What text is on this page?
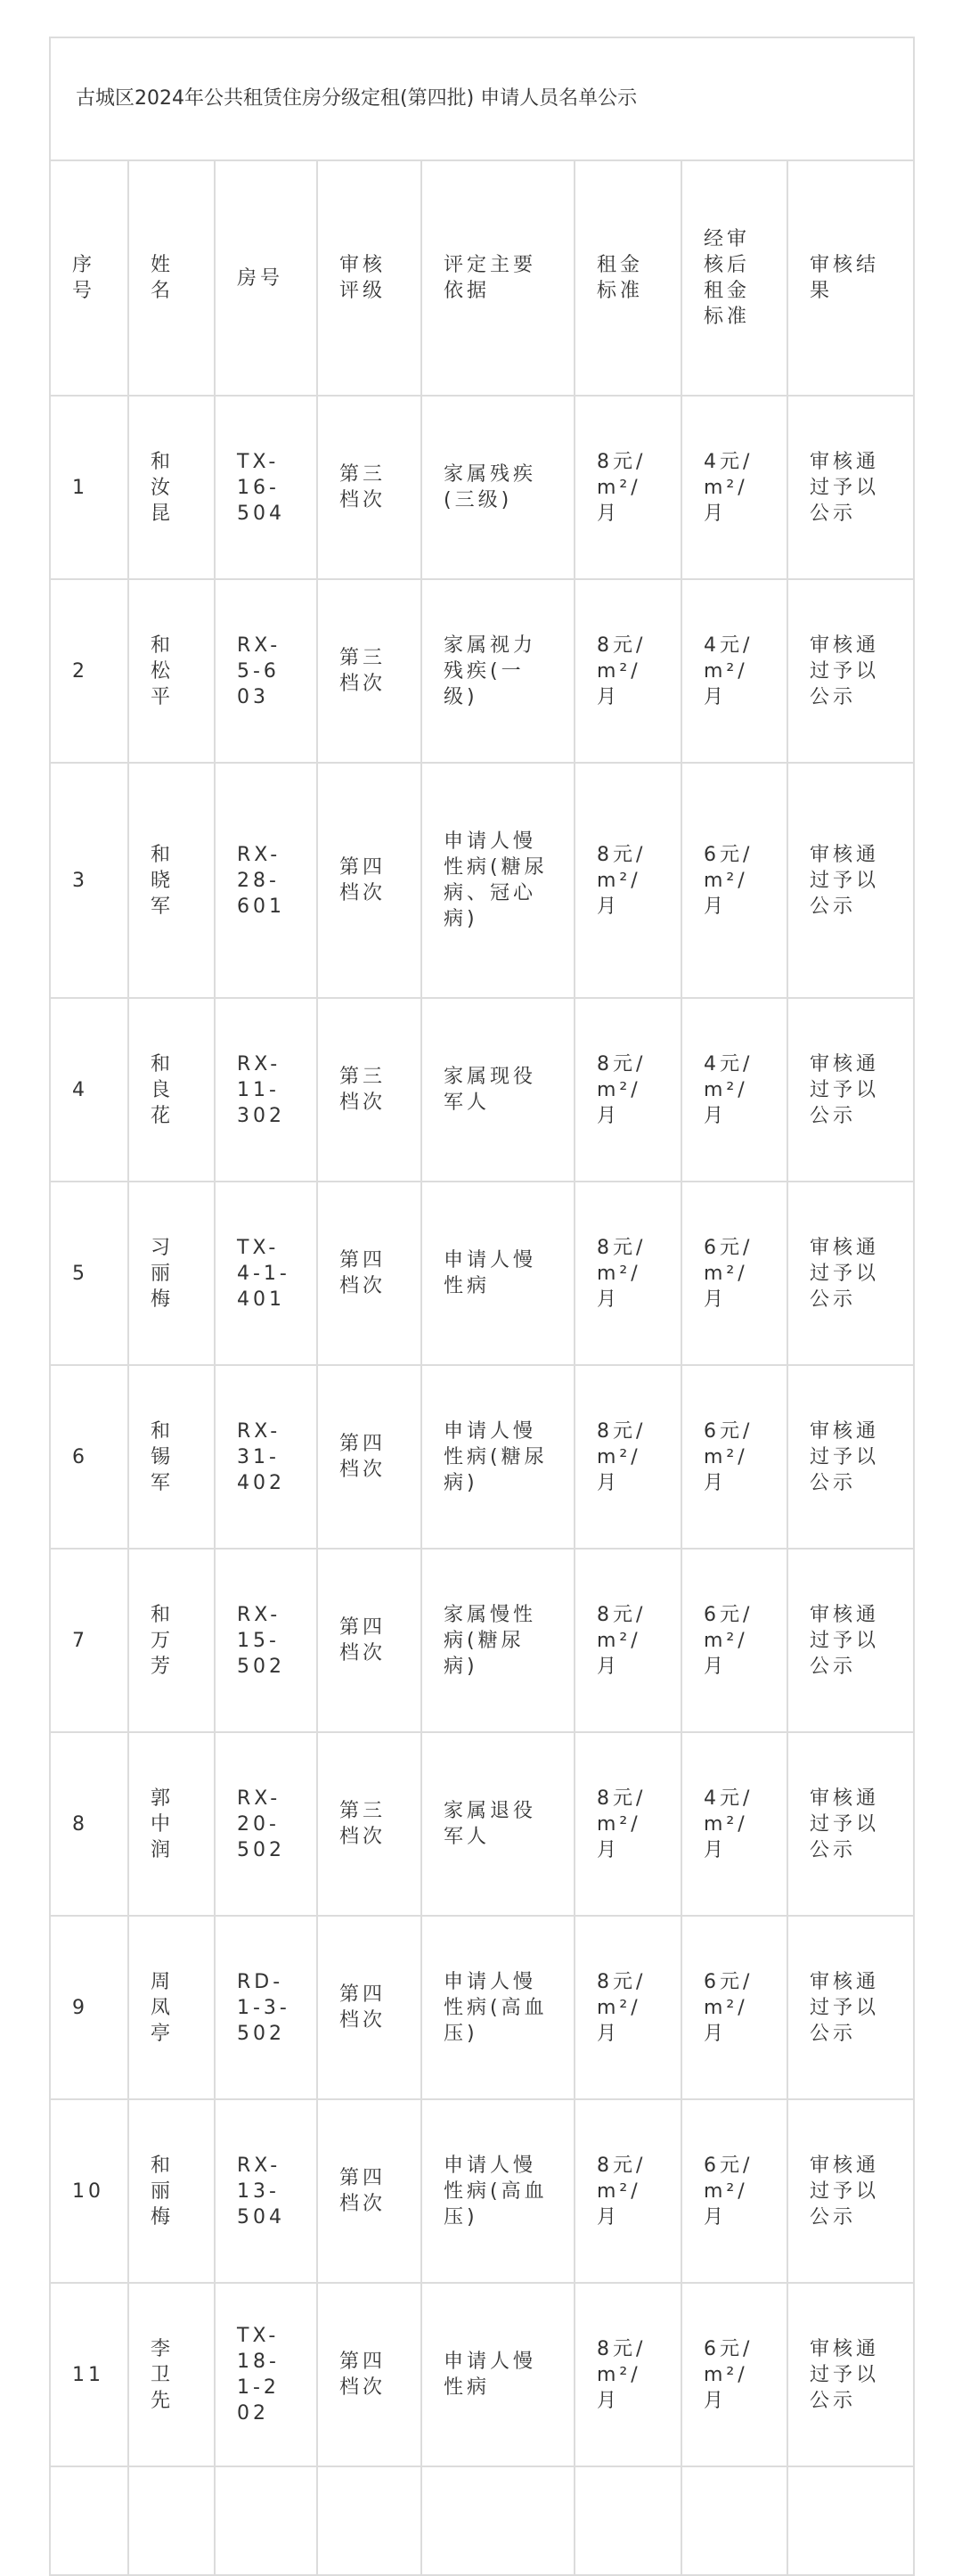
古城区2024年公共租赁住房分级定租(第四批) 申请人员名单公示							
序号	姓名	房号	审核评级	评定主要依据	租金标准	经审核后租金标准	审核结果
1	和汝昆	TX-16-504	第三档次	家属残疾(三级)	8元/m²/月	4元/m²/月	审核通过予以公示
2	和松平	RX-5-603	第三档次	家属视力残疾(一级)	8元/m²/月	4元/m²/月	审核通过予以公示
3	和晓军	RX-28-601	第四档次	申请人慢性病(糖尿病、冠心病)	8元/m²/月	6元/m²/月	审核通过予以公示
4	和良花	RX-11-302	第三档次	家属现役军人	8元/m²/月	4元/m²/月	审核通过予以公示
5	习丽梅	TX-4-1-401	第四档次	申请人慢性病	8元/m²/月	6元/m²/月	审核通过予以公示
6	和锡军	RX-31-402	第四档次	申请人慢性病(糖尿病)	8元/m²/月	6元/m²/月	审核通过予以公示
7	和万芳	RX-15-502	第四档次	家属慢性病(糖尿病)	8元/m²/月	6元/m²/月	审核通过予以公示
8	郭中润	RX-20-502	第三档次	家属退役军人	8元/m²/月	4元/m²/月	审核通过予以公示
9	周凤亭	RD-1-3-502	第四档次	申请人慢性病(高血压)	8元/m²/月	6元/m²/月	审核通过予以公示
10	和丽梅	RX-13-504	第四档次	申请人慢性病(高血压)	8元/m²/月	6元/m²/月	审核通过予以公示
11	李卫先	TX-18-1-202	第四档次	申请人慢性病	8元/m²/月	6元/m²/月	审核通过予以公示
